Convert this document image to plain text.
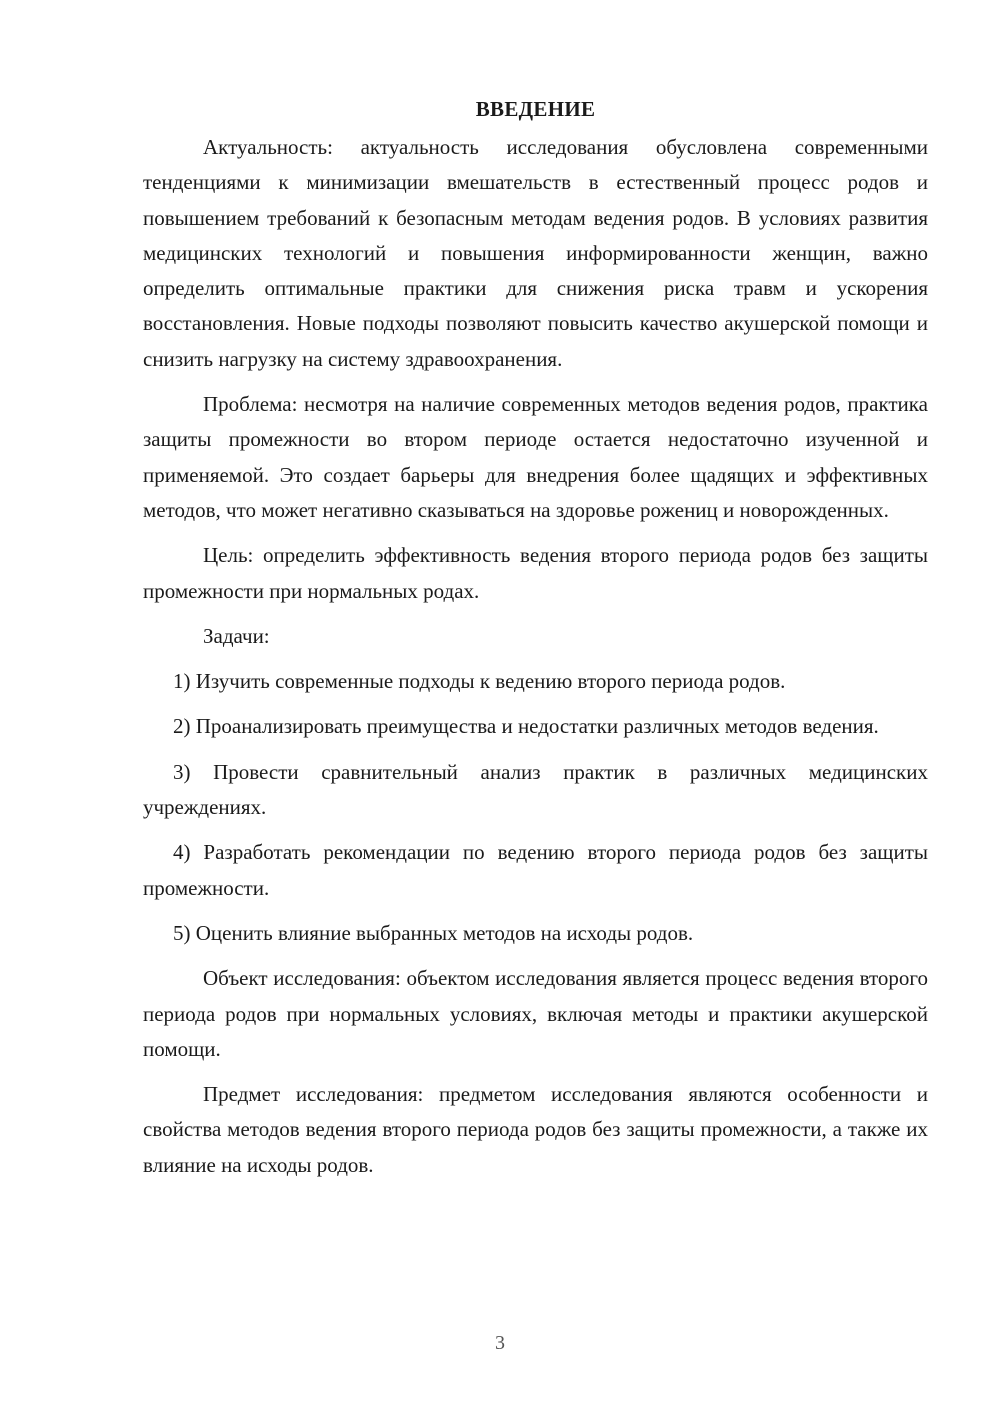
ВВЕДЕНИЕ

Актуальность: актуальность исследования обусловлена современными тенденциями к минимизации вмешательств в естественный процесс родов и повышением требований к безопасным методам ведения родов. В условиях развития медицинских технологий и повышения информированности женщин, важно определить оптимальные практики для снижения риска травм и ускорения восстановления. Новые подходы позволяют повысить качество акушерской помощи и снизить нагрузку на систему здравоохранения.

Проблема: несмотря на наличие современных методов ведения родов, практика защиты промежности во втором периоде остается недостаточно изученной и применяемой. Это создает барьеры для внедрения более щадящих и эффективных методов, что может негативно сказываться на здоровье рожениц и новорожденных.

Цель: определить эффективность ведения второго периода родов без защиты промежности при нормальных родах.

Задачи:

1) Изучить современные подходы к ведению второго периода родов.

2) Проанализировать преимущества и недостатки различных методов ведения.

3) Провести сравнительный анализ практик в различных медицинских учреждениях.

4) Разработать рекомендации по ведению второго периода родов без защиты промежности.

5) Оценить влияние выбранных методов на исходы родов.

Объект исследования: объектом исследования является процесс ведения второго периода родов при нормальных условиях, включая методы и практики акушерской помощи.

Предмет исследования: предметом исследования являются особенности и свойства методов ведения второго периода родов без защиты промежности, а также их влияние на исходы родов.

3
